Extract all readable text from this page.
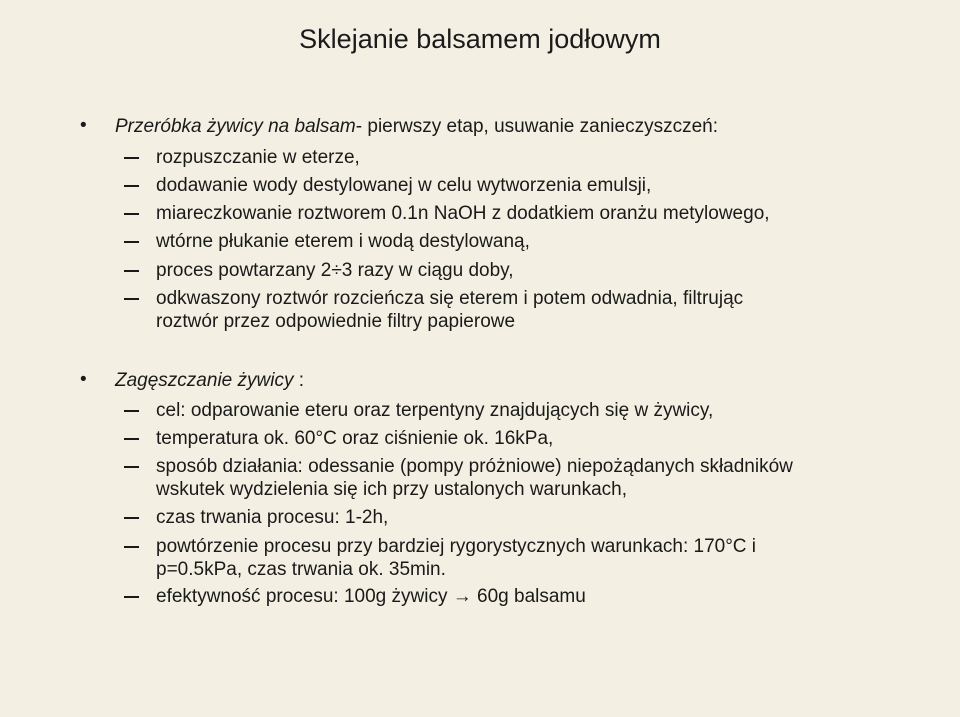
Sklejanie balsamem jodłowym
• Przeróbka żywicy na balsam- pierwszy etap, usuwanie zanieczyszczeń:
rozpuszczanie w eterze,
dodawanie wody destylowanej w celu wytworzenia emulsji,
miareczkowanie roztworem 0.1n NaOH z dodatkiem oranżu metylowego,
wtórne płukanie eterem i wodą destylowaną,
proces powtarzany 2÷3 razy w ciągu doby,
odkwaszony roztwór rozcieńcza się eterem i potem odwadnia, filtrując
roztwór przez odpowiednie filtry papierowe
• Zagęszczanie żywicy :
cel: odparowanie eteru oraz terpentyny znajdujących się w żywicy,
temperatura ok. 60°C oraz ciśnienie ok. 16kPa,
sposób działania: odessanie (pompy próżniowe) niepożądanych składników
wskutek wydzielenia się ich przy ustalonych warunkach,
czas trwania procesu: 1-2h,
powtórzenie procesu przy bardziej rygorystycznych warunkach: 170°C i
p=0.5kPa, czas trwania ok. 35min.
efektywność procesu: 100g żywicy → 60g balsamu
